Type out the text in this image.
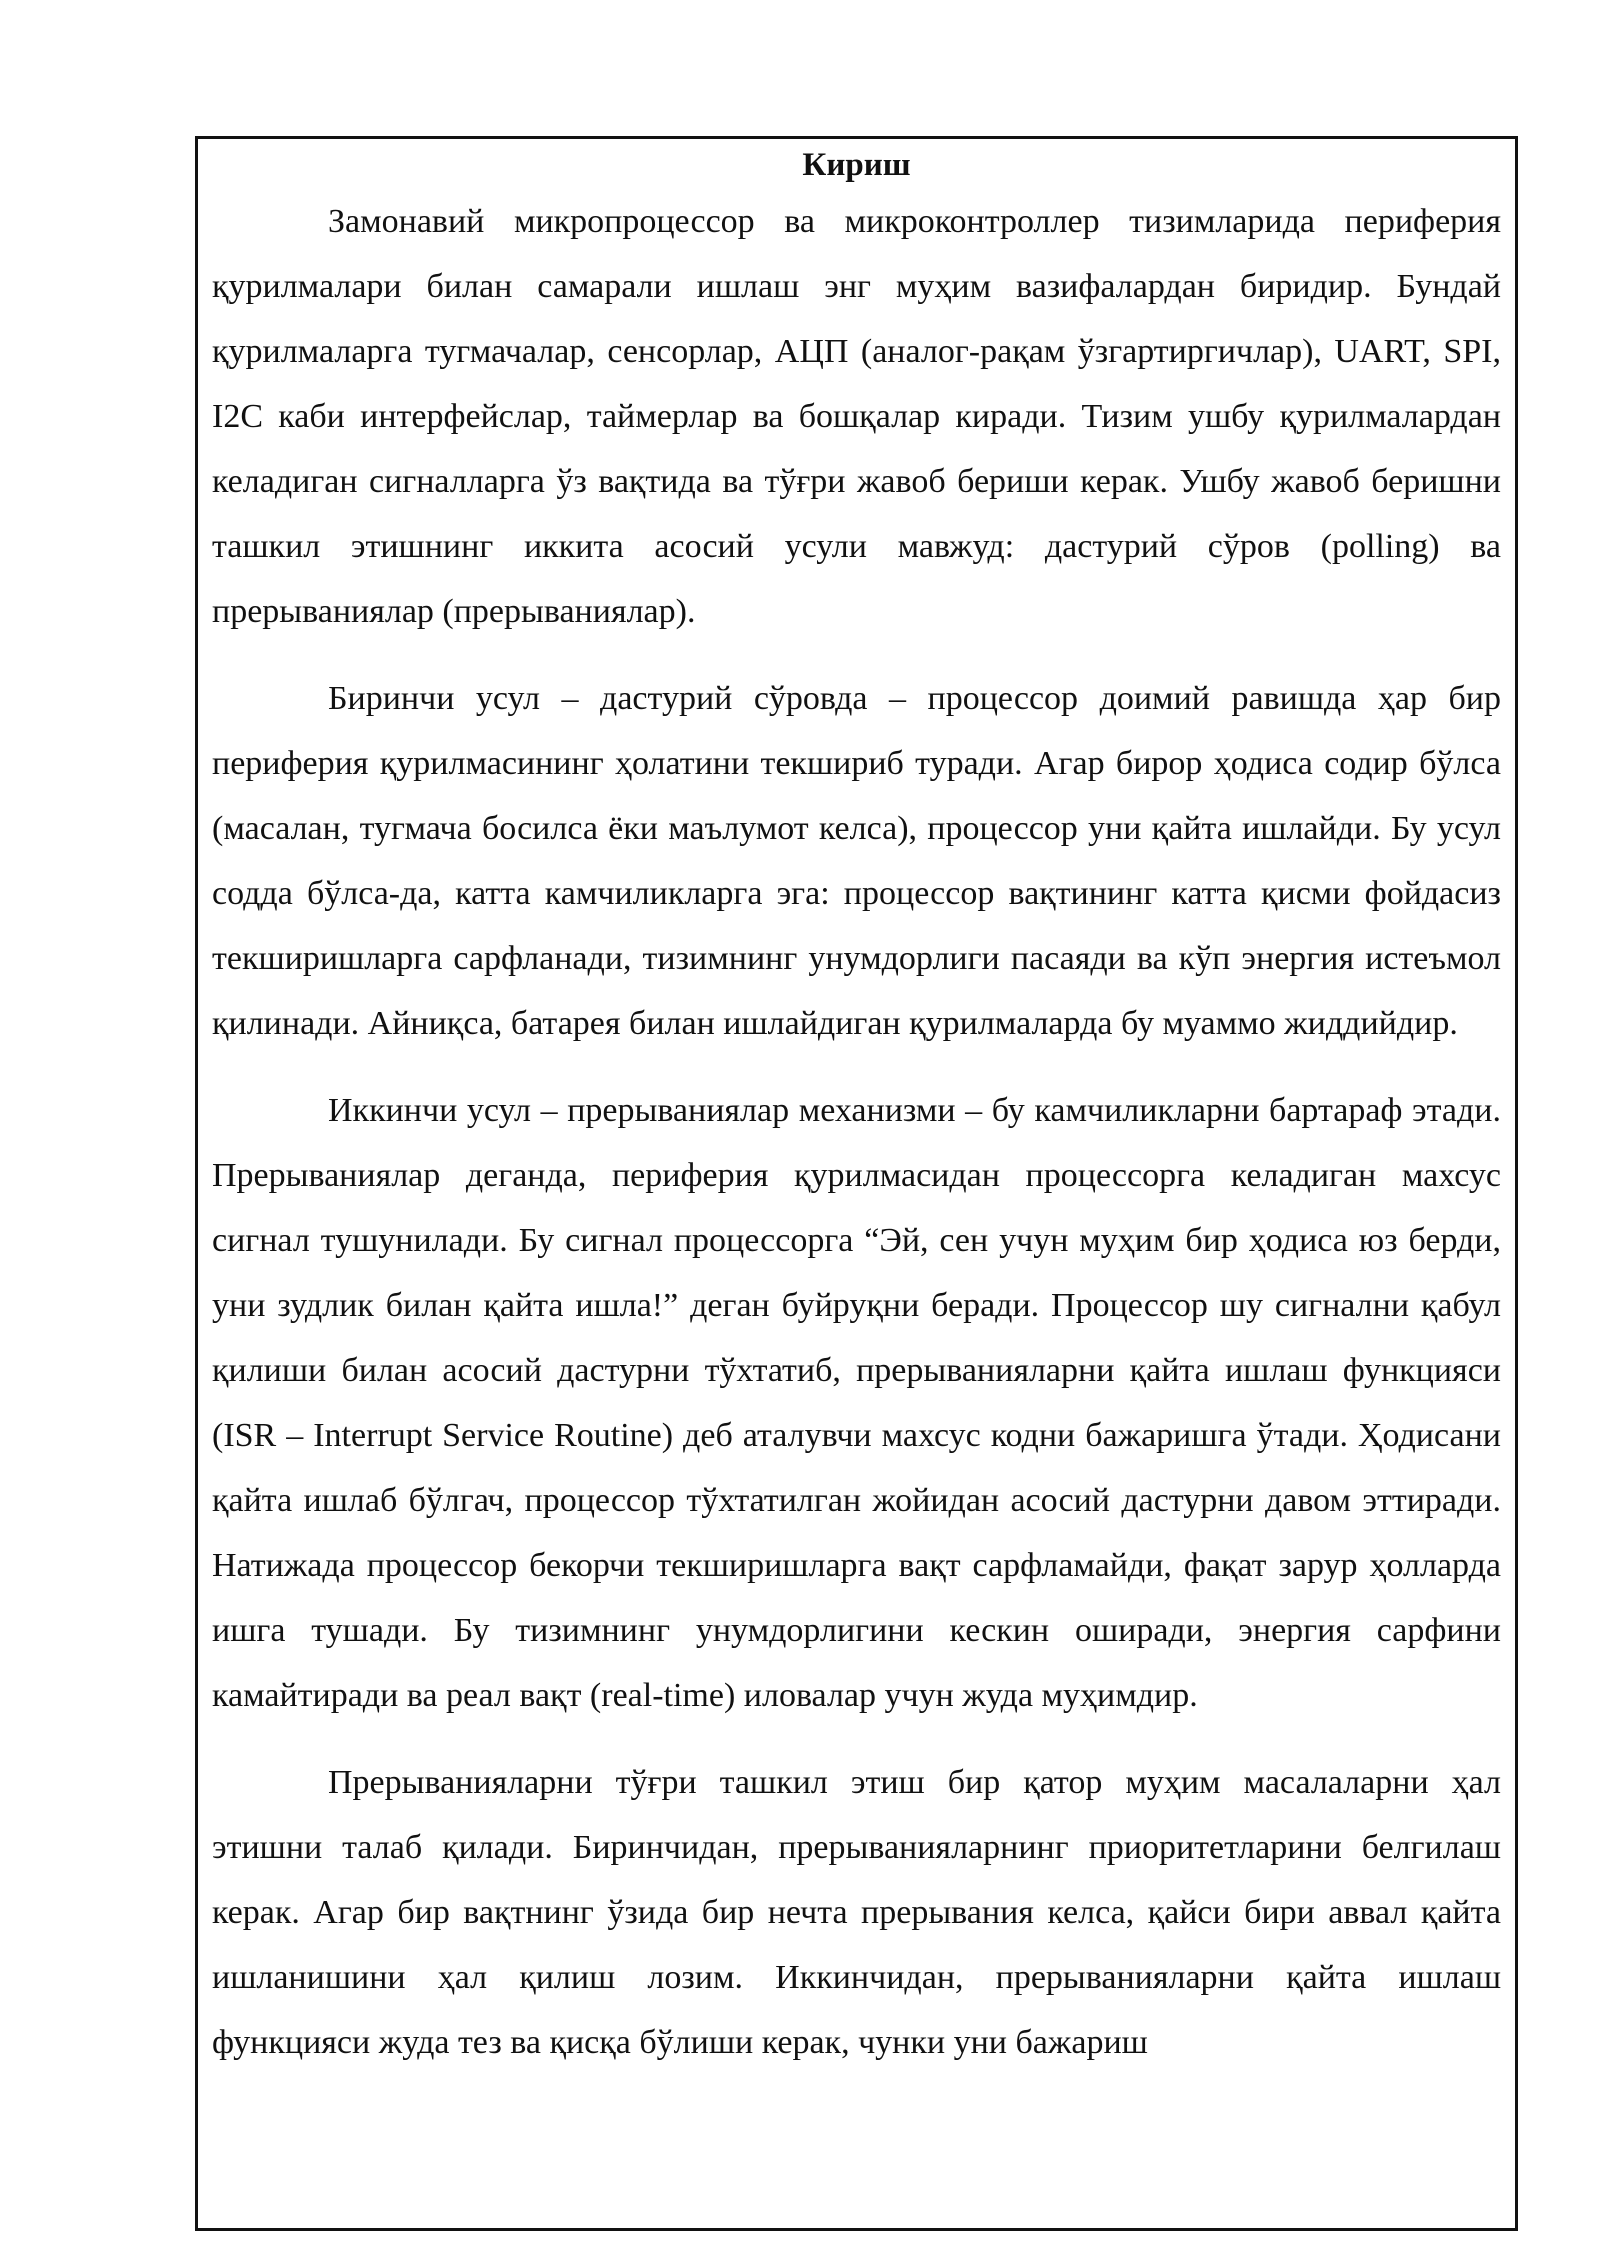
Кириш

Замонавий микропроцессор ва микроконтроллер тизимларида периферия қурилмалари билан самарали ишлаш энг муҳим вазифалардан биридир. Бундай қурилмаларга тугмачалар, сенсорлар, АЦП (аналог-рақам ўзгартиргичлар), UART, SPI, I2C каби интерфейслар, таймерлар ва бошқалар киради. Тизим ушбу қурилмалардан келадиган сигналларга ўз вақтида ва тўғри жавоб бериши керак. Ушбу жавоб беришни ташкил этишнинг иккита асосий усули мавжуд: дастурий сўров (polling) ва прерываниялар (прерываниялар).

Биринчи усул – дастурий сўровда – процессор доимий равишда ҳар бир периферия қурилмасининг ҳолатини текшириб туради. Агар бирор ҳодиса содир бўлса (масалан, тугмача босилса ёки маълумот келса), процессор уни қайта ишлайди. Бу усул содда бўлса-да, катта камчиликларга эга: процессор вақтининг катта қисми фойдасиз текширишларга сарфланади, тизимнинг унумдорлиги пасаяди ва кўп энергия истеъмол қилинади. Айниқса, батарея билан ишлайдиган қурилмаларда бу муаммо жиддийдир.

Иккинчи усул – прерываниялар механизми – бу камчиликларни бартараф этади. Прерываниялар деганда, периферия қурилмасидан процессорга келадиган махсус сигнал тушунилади. Бу сигнал процессорга “Эй, сен учун муҳим бир ҳодиса юз берди, уни зудлик билан қайта ишла!” деган буйруқни беради. Процессор шу сигнални қабул қилиши билан асосий дастурни тўхтатиб, прерыванияларни қайта ишлаш функцияси (ISR – Interrupt Service Routine) деб аталувчи махсус кодни бажаришга ўтади. Ҳодисани қайта ишлаб бўлгач, процессор тўхтатилган жойидан асосий дастурни давом эттиради. Натижада процессор бекорчи текширишларга вақт сарфламайди, фақат зарур ҳолларда ишга тушади. Бу тизимнинг унумдорлигини кескин оширади, энергия сарфини камайтиради ва реал вақт (real-time) иловалар учун жуда муҳимдир.

Прерыванияларни тўғри ташкил этиш бир қатор муҳим масалаларни ҳал этишни талаб қилади. Биринчидан, прерыванияларнинг приоритетларини белгилаш керак. Агар бир вақтнинг ўзида бир нечта прерывания келса, қайси бири аввал қайта ишланишини ҳал қилиш лозим. Иккинчидан, прерыванияларни қайта ишлаш функцияси жуда тез ва қисқа бўлиши керак, чунки уни бажариш
